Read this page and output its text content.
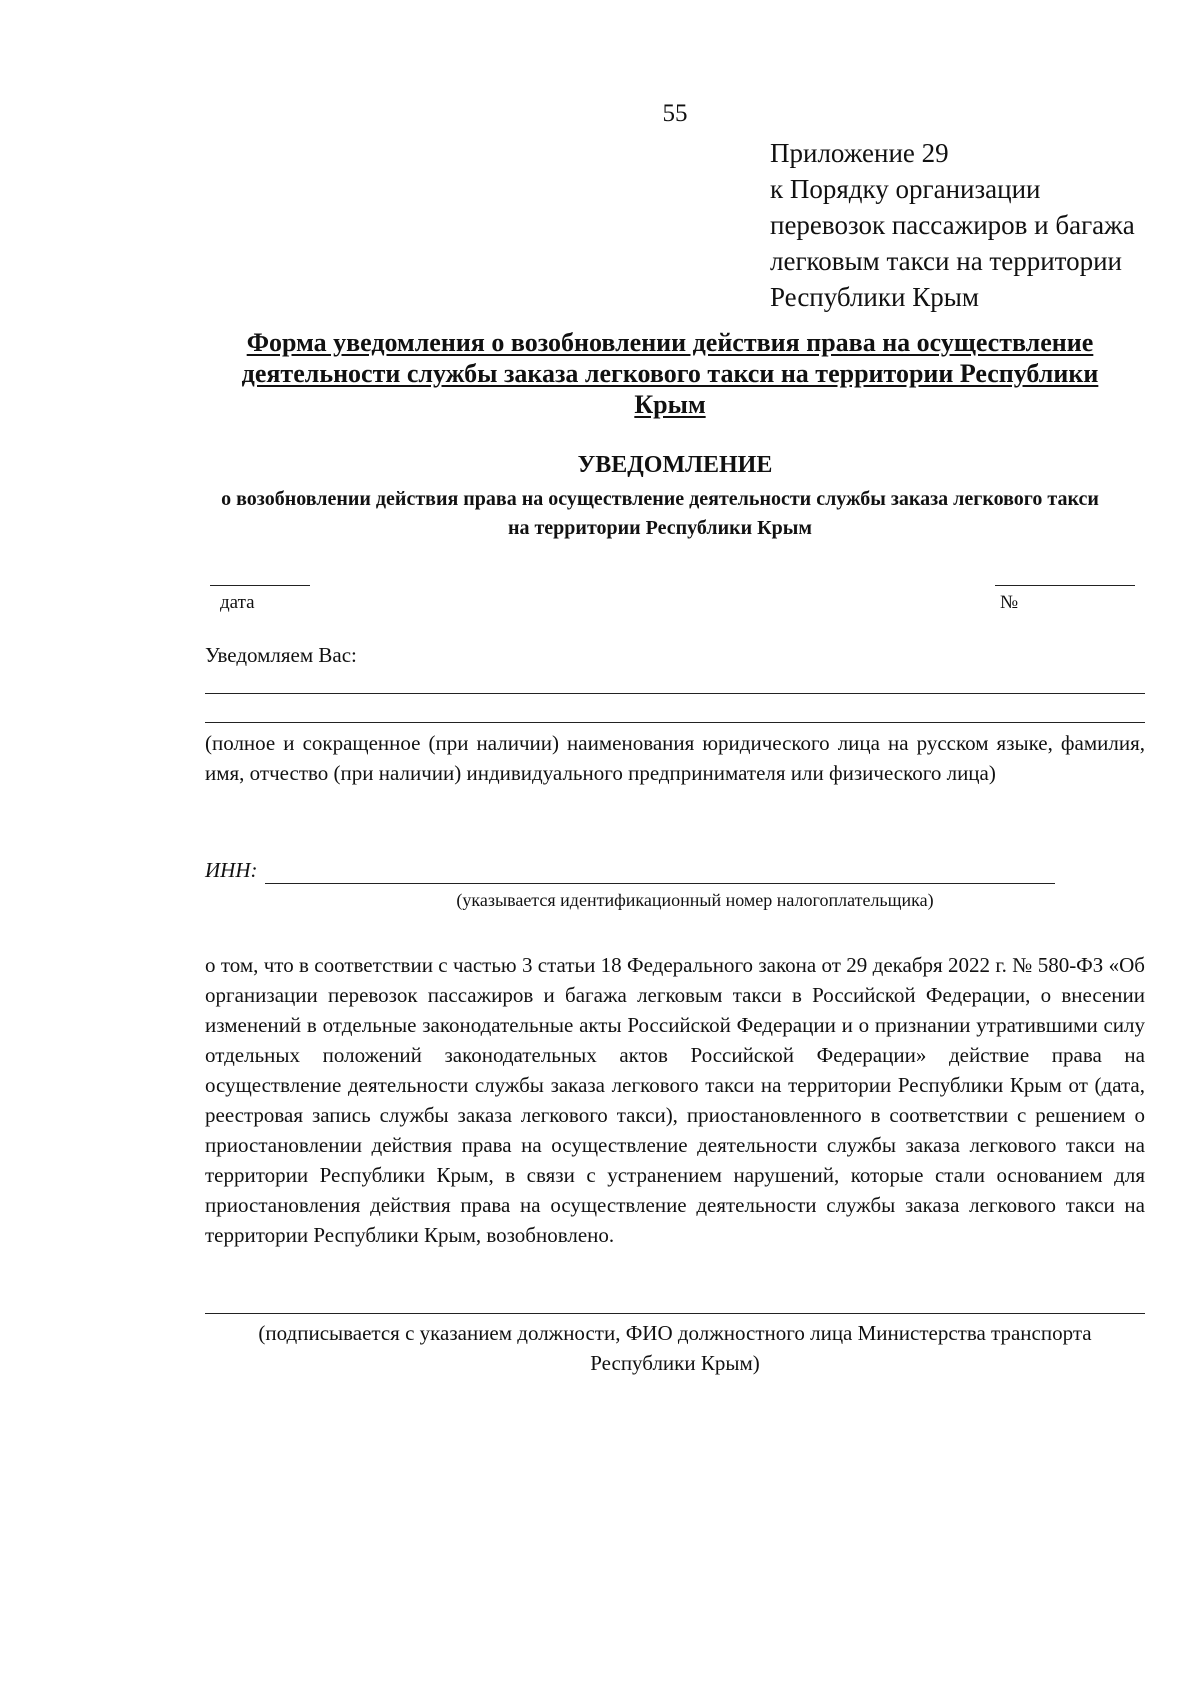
55
Приложение 29
к Порядку организации
перевозок пассажиров и багажа
легковым такси на территории
Республики Крым
Форма уведомления о возобновлении действия права на осуществление деятельности службы заказа легкового такси на территории Республики Крым
УВЕДОМЛЕНИЕ
о возобновлении действия права на осуществление деятельности службы заказа легкового такси на территории Республики Крым
дата	№
Уведомляем Вас:
(полное и сокращенное (при наличии) наименования юридического лица на русском языке, фамилия, имя, отчество (при наличии) индивидуального предпринимателя или физического лица)
ИНН:
(указывается идентификационный номер налогоплательщика)
о том, что в соответствии с частью 3 статьи 18 Федерального закона от 29 декабря 2022 г. № 580-ФЗ «Об организации перевозок пассажиров и багажа легковым такси в Российской Федерации, о внесении изменений в отдельные законодательные акты Российской Федерации и о признании утратившими силу отдельных положений законодательных актов Российской Федерации» действие права на осуществление деятельности службы заказа легкового такси на территории Республики Крым от (дата, реестровая запись службы заказа легкового такси), приостановленного в соответствии с решением о приостановлении действия права на осуществление деятельности службы заказа легкового такси на территории Республики Крым, в связи с устранением нарушений, которые стали основанием для приостановления действия права на осуществление деятельности службы заказа легкового такси на территории Республики Крым, возобновлено.
(подписывается с указанием должности, ФИО должностного лица Министерства транспорта Республики Крым)
